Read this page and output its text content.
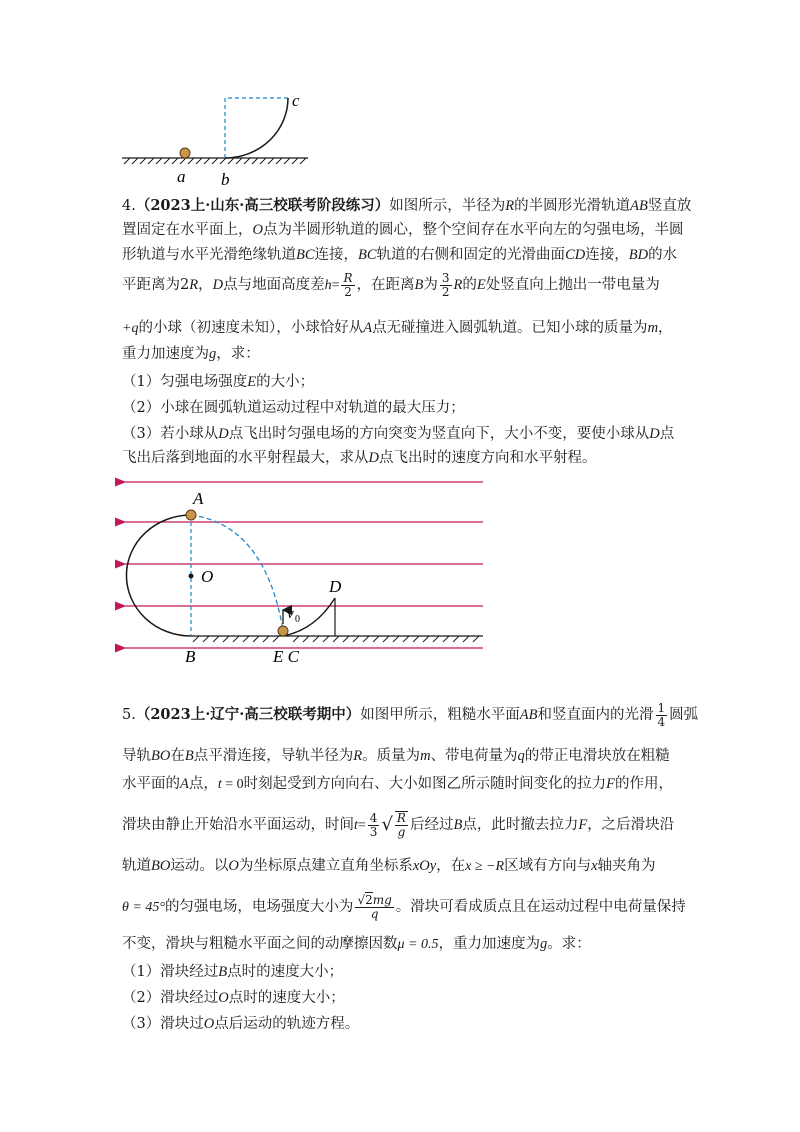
a b
c
4.（2023上·山东·高三校联考阶段练习）如图所示，半径为R的半圆形光滑轨道AB竖直放
置固定在水平面上，O点为半圆形轨道的圆心，整个空间存在水平向左的匀强电场，半圆
形轨道与水平光滑绝缘轨道BC连接，BC轨道的右侧和固定的光滑曲面CD连接，BD的水
平距离为2R，D点与地面高度差$h= \frac{R}{2}$ ，在距离B为 $\frac{3}{2}$ R的E处竖直向上抛出一带电量为
+q的小球（初速度未知），小球恰好从A点无碰撞进入圆弧轨道。已知小球的质量为m，
重力加速度为g，求：
（1）匀强电场强度E的大小；
（2）小球在圆弧轨道运动过程中对轨道的最大压力；
（3）若小球从D点飞出时匀强电场的方向突变为竖直向下，大小不变，要使小球从D点
飞出后落到地面的水平射程最大，求从D点飞出时的速度方向和水平射程。
A
O
D
v 0
B	E C
5.（2023上·辽宁·高三校联考期中）如图甲所示，粗糙水平面AB和竖直面内的光滑 $\frac{1}{4}$ 圆弧
导轨BO在B点平滑连接，导轨半径为R。质量为m、带电荷量为q的带正电滑块放在粗糙
水平面的A点，t = 0时刻起受到方向向右、大小如图乙所示随时间变化的拉力F的作用，
滑块由静止开始沿水平面运动，时间$t= \frac{4}{3}$ √ $\frac{R}{g}$ 后经过B点，此时撤去拉力F，之后滑块沿
轨道BO运动。以O为坐标原点建立直角坐标系xOy，在x ≥ −R区域有方向与x轴夹角为
θ = 45°的匀强电场，电场强度大小为 $\frac{√2mg}{q}$ 。滑块可看成质点且在运动过程中电荷量保持
不变，滑块与粗糙水平面之间的动摩擦因数μ = 0.5，重力加速度为g。求：
（1）滑块经过B点时的速度大小；
（2）滑块经过O点时的速度大小；
（3）滑块过O点后运动的轨迹方程。
